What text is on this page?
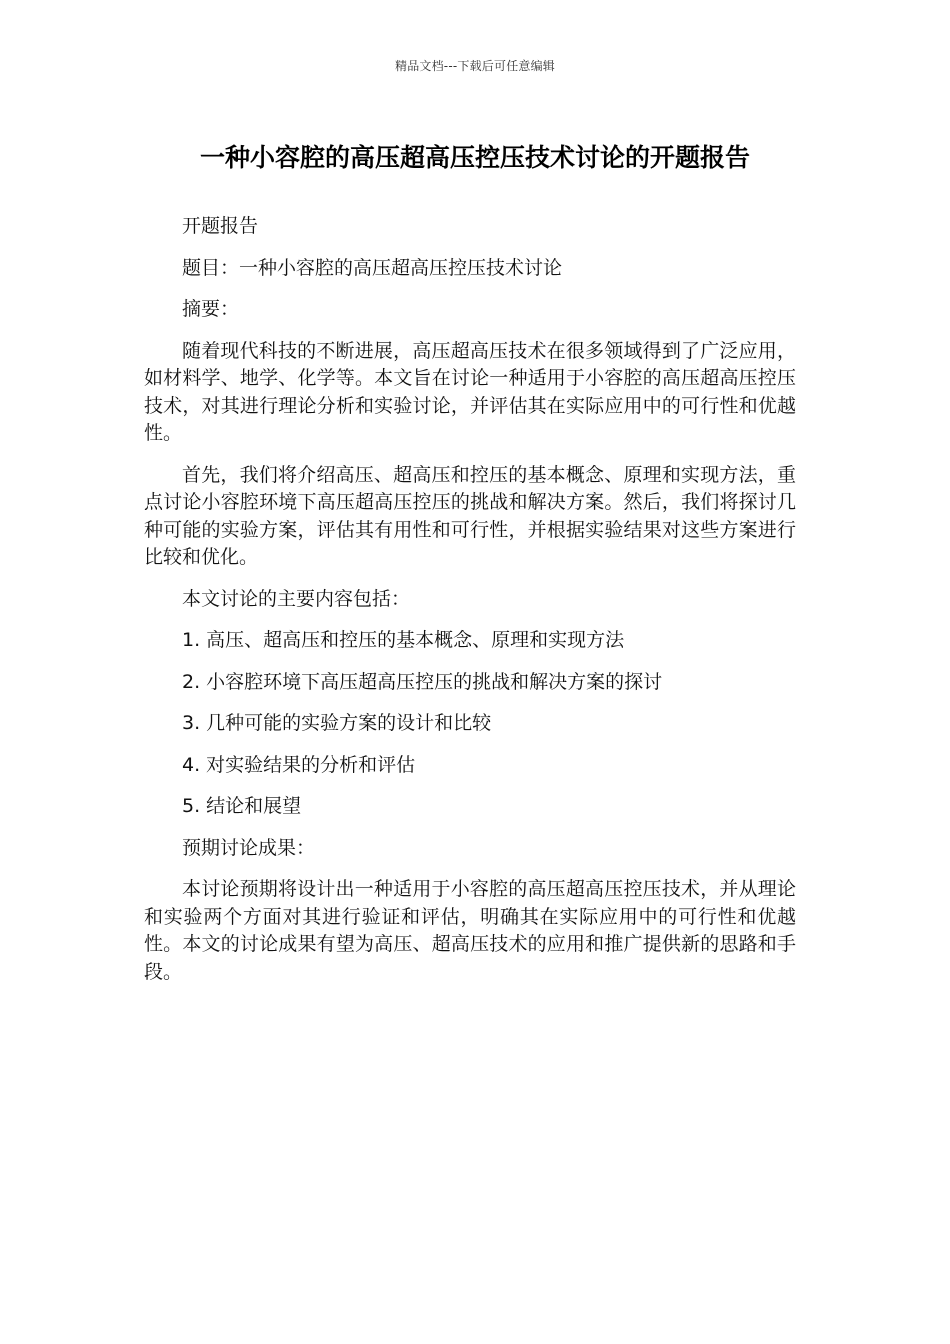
精品文档---下载后可任意编辑
一种小容腔的高压超高压控压技术讨论的开题报告

开题报告

题目：一种小容腔的高压超高压控压技术讨论

摘要：

随着现代科技的不断进展，高压超高压技术在很多领域得到了广泛应用，如材料学、地学、化学等。本文旨在讨论一种适用于小容腔的高压超高压控压技术，对其进行理论分析和实验讨论，并评估其在实际应用中的可行性和优越性。

首先，我们将介绍高压、超高压和控压的基本概念、原理和实现方法，重点讨论小容腔环境下高压超高压控压的挑战和解决方案。然后，我们将探讨几种可能的实验方案，评估其有用性和可行性，并根据实验结果对这些方案进行比较和优化。

本文讨论的主要内容包括：

1. 高压、超高压和控压的基本概念、原理和实现方法

2. 小容腔环境下高压超高压控压的挑战和解决方案的探讨

3. 几种可能的实验方案的设计和比较

4. 对实验结果的分析和评估

5. 结论和展望

预期讨论成果：

本讨论预期将设计出一种适用于小容腔的高压超高压控压技术，并从理论和实验两个方面对其进行验证和评估，明确其在实际应用中的可行性和优越性。本文的讨论成果有望为高压、超高压技术的应用和推广提供新的思路和手段。
